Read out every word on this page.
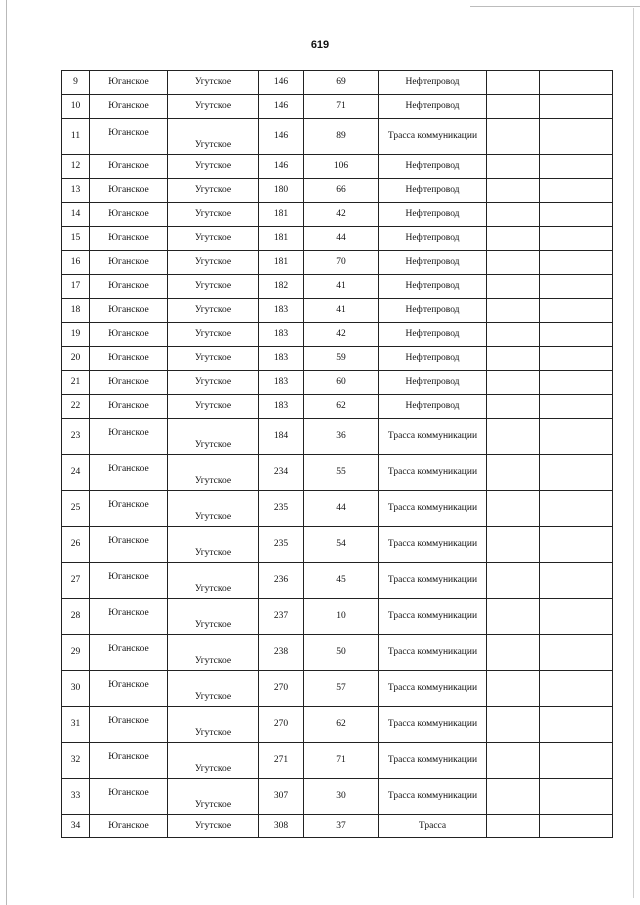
619
9	Юганское	Угутское	146	69	Нефтепровод		
10	Юганское	Угутское	146	71	Нефтепровод		
11	Юганское	Угутское	146	89	Трасса коммуникации		
12	Юганское	Угутское	146	106	Нефтепровод		
13	Юганское	Угутское	180	66	Нефтепровод		
14	Юганское	Угутское	181	42	Нефтепровод		
15	Юганское	Угутское	181	44	Нефтепровод		
16	Юганское	Угутское	181	70	Нефтепровод		
17	Юганское	Угутское	182	41	Нефтепровод		
18	Юганское	Угутское	183	41	Нефтепровод		
19	Юганское	Угутское	183	42	Нефтепровод		
20	Юганское	Угутское	183	59	Нефтепровод		
21	Юганское	Угутское	183	60	Нефтепровод		
22	Юганское	Угутское	183	62	Нефтепровод		
23	Юганское	Угутское	184	36	Трасса коммуникации		
24	Юганское	Угутское	234	55	Трасса коммуникации		
25	Юганское	Угутское	235	44	Трасса коммуникации		
26	Юганское	Угутское	235	54	Трасса коммуникации		
27	Юганское	Угутское	236	45	Трасса коммуникации		
28	Юганское	Угутское	237	10	Трасса коммуникации		
29	Юганское	Угутское	238	50	Трасса коммуникации		
30	Юганское	Угутское	270	57	Трасса коммуникации		
31	Юганское	Угутское	270	62	Трасса коммуникации		
32	Юганское	Угутское	271	71	Трасса коммуникации		
33	Юганское	Угутское	307	30	Трасса коммуникации		
34	Юганское	Угутское	308	37	Трасса		
